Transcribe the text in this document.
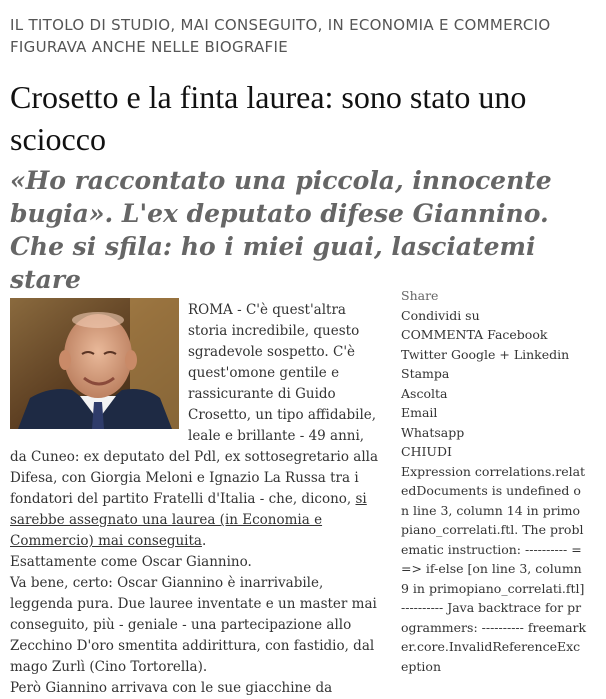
IL TITOLO DI STUDIO, MAI CONSEGUITO, IN ECONOMIA E COMMERCIO FIGURAVA ANCHE NELLE BIOGRAFIE
Crosetto e la finta laurea: sono stato uno sciocco
«Ho raccontato una piccola, innocente bugia». L'ex deputato difese Giannino. Che si sfila: ho i miei guai, lasciatemi stare

ROMA - C'è quest'altra storia incredibile, questo sgradevole sospetto. C'è quest'omone gentile e rassicurante di Guido Crosetto, un tipo affidabile, leale e brillante - 49 anni, da Cuneo: ex deputato del Pdl, ex sottosegretario alla Difesa, con Giorgia Meloni e Ignazio La Russa tra i fondatori del partito Fratelli d'Italia - che, dicono, si sarebbe assegnato una laurea (in Economia e Commercio) mai conseguita.

Esattamente come Oscar Giannino.

Va bene, certo: Oscar Giannino è inarrivabile, leggenda pura. Due lauree inventate e un master mai conseguito, più - geniale - una partecipazione allo Zecchino D'oro smentita addirittura, con fastidio, dal mago Zurlì (Cino Tortorella).

Però Giannino arrivava con le sue giacchine da

Share
Condividi su
COMMENTA Facebook
Twitter Google + Linkedin
Stampa
Ascolta
Email
Whatsapp
CHIUDI
Expression correlations.relatedDocuments is undefined on line 3, column 14 in primopiano_correlati.ftl. The problematic instruction: ---------- ==> if-else [on line 3, column 9 in primopiano_correlati.ftl] ---------- Java backtrace for programmers: ---------- freemarker.core.InvalidReferenceException
